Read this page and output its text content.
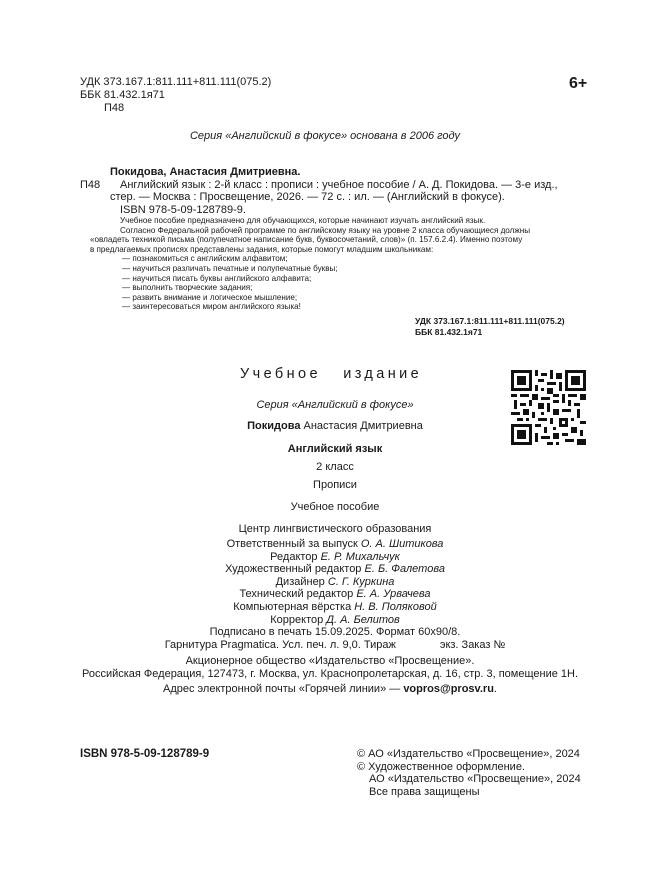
УДК 373.167.1:811.111+811.111(075.2)
ББК 81.432.1я71
П48
6+
Серия «Английский в фокусе» основана в 2006 году
Покидова, Анастасия Дмитриевна.
П48	Английский язык : 2-й класс : прописи : учебное пособие / А. Д. Покидова. — 3-е изд.,
стер. — Москва : Просвещение, 2026. — 72 с. : ил. — (Английский в фокусе).
ISBN 978-5-09-128789-9.
Учебное пособие предназначено для обучающихся, которые начинают изучать английский язык.
Согласно Федеральной рабочей программе по английскому языку на уровне 2 класса обучающиеся должны
«овладеть техникой письма (полупечатное написание букв, буквосочетаний, слов)» (п. 157.6.2.4). Именно поэтому
в предлагаемых прописях представлены задания, которые помогут младшим школьникам:
— познакомиться с английским алфавитом;
— научиться различать печатные и полупечатные буквы;
— научиться писать буквы английского алфавита;
— выполнить творческие задания;
— развить внимание и логическое мышление;
— заинтересоваться миром английского языка!
УДК 373.167.1:811.111+811.111(075.2)
ББК 81.432.1я71
Учебное   издание
Серия «Английский в фокусе»
Покидова Анастасия Дмитриевна
Английский язык
2 класс
Прописи
Учебное пособие
Центр лингвистического образования
Ответственный за выпуск О. А. Шитикова
Редактор Е. Р. Михальчук
Художественный редактор Е. Б. Фалетова
Дизайнер С. Г. Куркина
Технический редактор Е. А. Урвачева
Компьютерная вёрстка Н. В. Поляковой
Корректор Д. А. Белитов
Подписано в печать 15.09.2025. Формат 60x90/8.
Гарнитура Pragmatica. Усл. печ. л. 9,0. Тираж	экз. Заказ №
Акционерное общество «Издательство «Просвещение».
Российская Федерация, 127473, г. Москва, ул. Краснопролетарская, д. 16, стр. 3, помещение 1Н.
Адрес электронной почты «Горячей линии» — vopros@prosv.ru.
ISBN 978-5-09-128789-9	© АО «Издательство «Просвещение», 2024
© Художественное оформление.
АО «Издательство «Просвещение», 2024
Все права защищены
